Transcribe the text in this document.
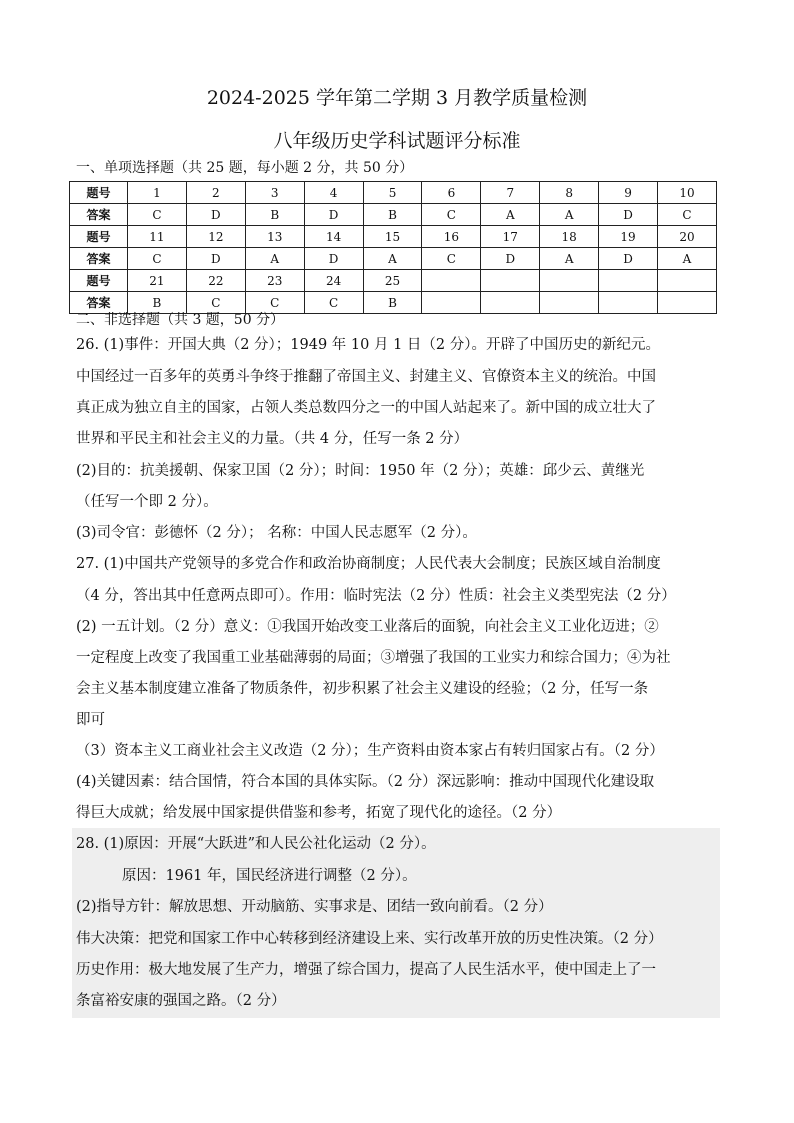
2024-2025 学年第二学期 3 月教学质量检测
八年级历史学科试题评分标准
一、单项选择题（共 25 题，每小题 2 分，共 50 分）
题号	1	2	3	4	5	6	7	8	9	10
答案	C	D	B	D	B	C	A	A	D	C
题号	11	12	13	14	15	16	17	18	19	20
答案	C	D	A	D	A	C	D	A	D	A
题号	21	22	23	24	25					
答案	B	C	C	C	B					
二、非选择题（共 3 题，50 分）
26. (1)事件：开国大典（2 分）；1949 年 10 月 1 日（2 分）。开辟了中国历史的新纪元。
中国经过一百多年的英勇斗争终于推翻了帝国主义、封建主义、官僚资本主义的统治。中国
真正成为独立自主的国家，占领人类总数四分之一的中国人站起来了。新中国的成立壮大了
世界和平民主和社会主义的力量。（共 4 分，任写一条 2 分）
(2)目的：抗美援朝、保家卫国（2 分）；时间：1950 年（2 分）；英雄：邱少云、黄继光
（任写一个即 2 分）。
(3)司令官：彭德怀（2 分）； 名称：中国人民志愿军（2 分）。
27. (1)中国共产党领导的多党合作和政治协商制度；人民代表大会制度；民族区域自治制度
（4 分，答出其中任意两点即可）。作用：临时宪法（2 分）性质：社会主义类型宪法（2 分）
(2) 一五计划。（2 分）意义：①我国开始改变工业落后的面貌，向社会主义工业化迈进；②
一定程度上改变了我国重工业基础薄弱的局面；③增强了我国的工业实力和综合国力；④为社
会主义基本制度建立准备了物质条件，初步积累了社会主义建设的经验；（2 分，任写一条
即可
（3）资本主义工商业社会主义改造（2 分）；生产资料由资本家占有转归国家占有。（2 分）
(4)关键因素：结合国情，符合本国的具体实际。（2 分）深远影响：推动中国现代化建设取
得巨大成就；给发展中国家提供借鉴和参考，拓宽了现代化的途径。（2 分）
28. (1)原因：开展“大跃进”和人民公社化运动（2 分）。
原因：1961 年，国民经济进行调整（2 分）。
(2)指导方针：解放思想、开动脑筋、实事求是、团结一致向前看。（2 分）
伟大决策：把党和国家工作中心转移到经济建设上来、实行改革开放的历史性决策。（2 分）
历史作用：极大地发展了生产力，增强了综合国力，提高了人民生活水平，使中国走上了一
条富裕安康的强国之路。（2 分）
